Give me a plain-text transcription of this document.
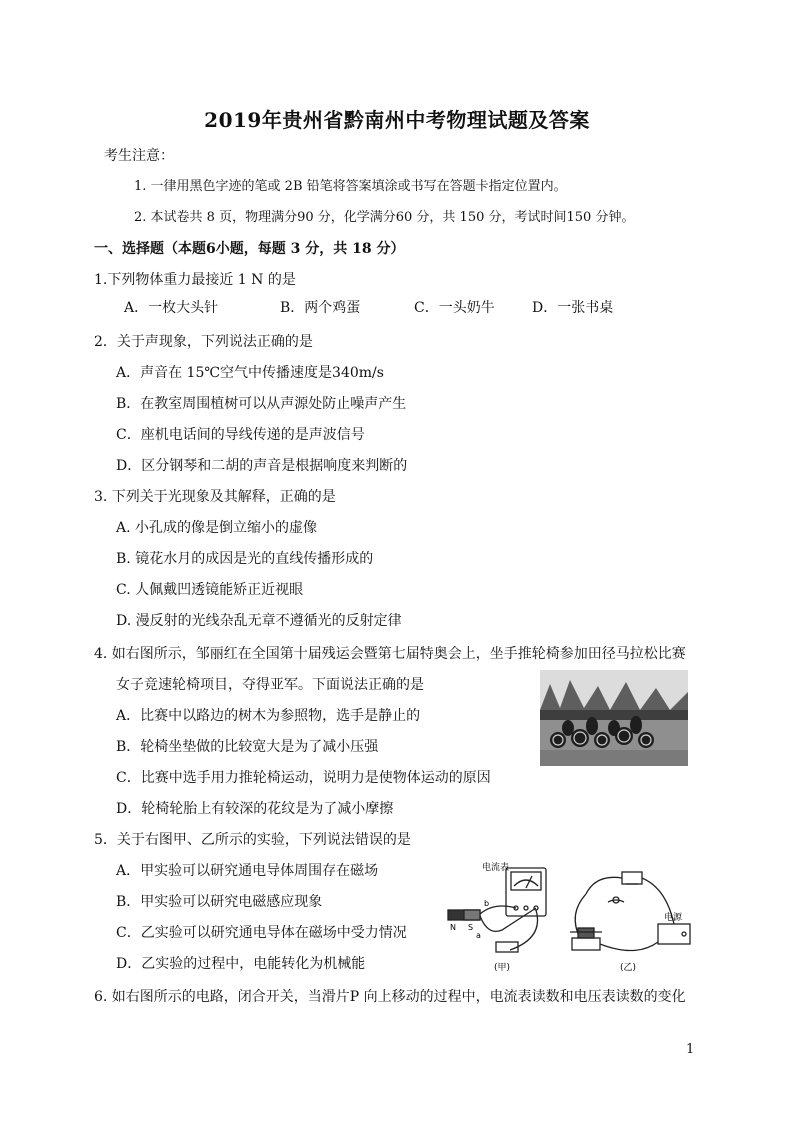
2019年贵州省黔南州中考物理试题及答案
考生注意：
1. 一律用黑色字迹的笔或 2B 铅笔将答案填涂或书写在答题卡指定位置内。
2. 本试卷共 8 页，物理满分90 分，化学满分60 分，共 150 分，考试时间150 分钟。
一、选择题（本题6小题，每题 3 分，共 18 分）
1.下列物体重力最接近 1 N 的是
A．一枚大头针	B．两个鸡蛋	C．一头奶牛	D．一张书桌
2．关于声现象，下列说法正确的是
A．声音在 15℃空气中传播速度是340m/s
B．在教室周围植树可以从声源处防止噪声产生
C．座机电话间的导线传递的是声波信号
D．区分钢琴和二胡的声音是根据响度来判断的
3. 下列关于光现象及其解释，正确的是
A. 小孔成的像是倒立缩小的虚像
B. 镜花水月的成因是光的直线传播形成的
C. 人佩戴凹透镜能矫正近视眼
D. 漫反射的光线杂乱无章不遵循光的反射定律
4. 如右图所示，邹丽红在全国第十届残运会暨第七届特奥会上，坐手推轮椅参加田径马拉松比赛
女子竞速轮椅项目，夺得亚军。下面说法正确的是
A．比赛中以路边的树木为参照物，选手是静止的
B．轮椅坐垫做的比较宽大是为了减小压强
C．比赛中选手用力推轮椅运动，说明力是使物体运动的原因
D．轮椅轮胎上有较深的花纹是为了减小摩擦
5．关于右图甲、乙所示的实验，下列说法错误的是
A．甲实验可以研究通电导体周围存在磁场
B．甲实验可以研究电磁感应现象
C．乙实验可以研究通电导体在磁场中受力情况
D．乙实验的过程中，电能转化为机械能
电流表
电源
a
b
N S
(甲)	(乙)
6. 如右图所示的电路，闭合开关，当滑片P 向上移动的过程中，电流表读数和电压表读数的变化
1
